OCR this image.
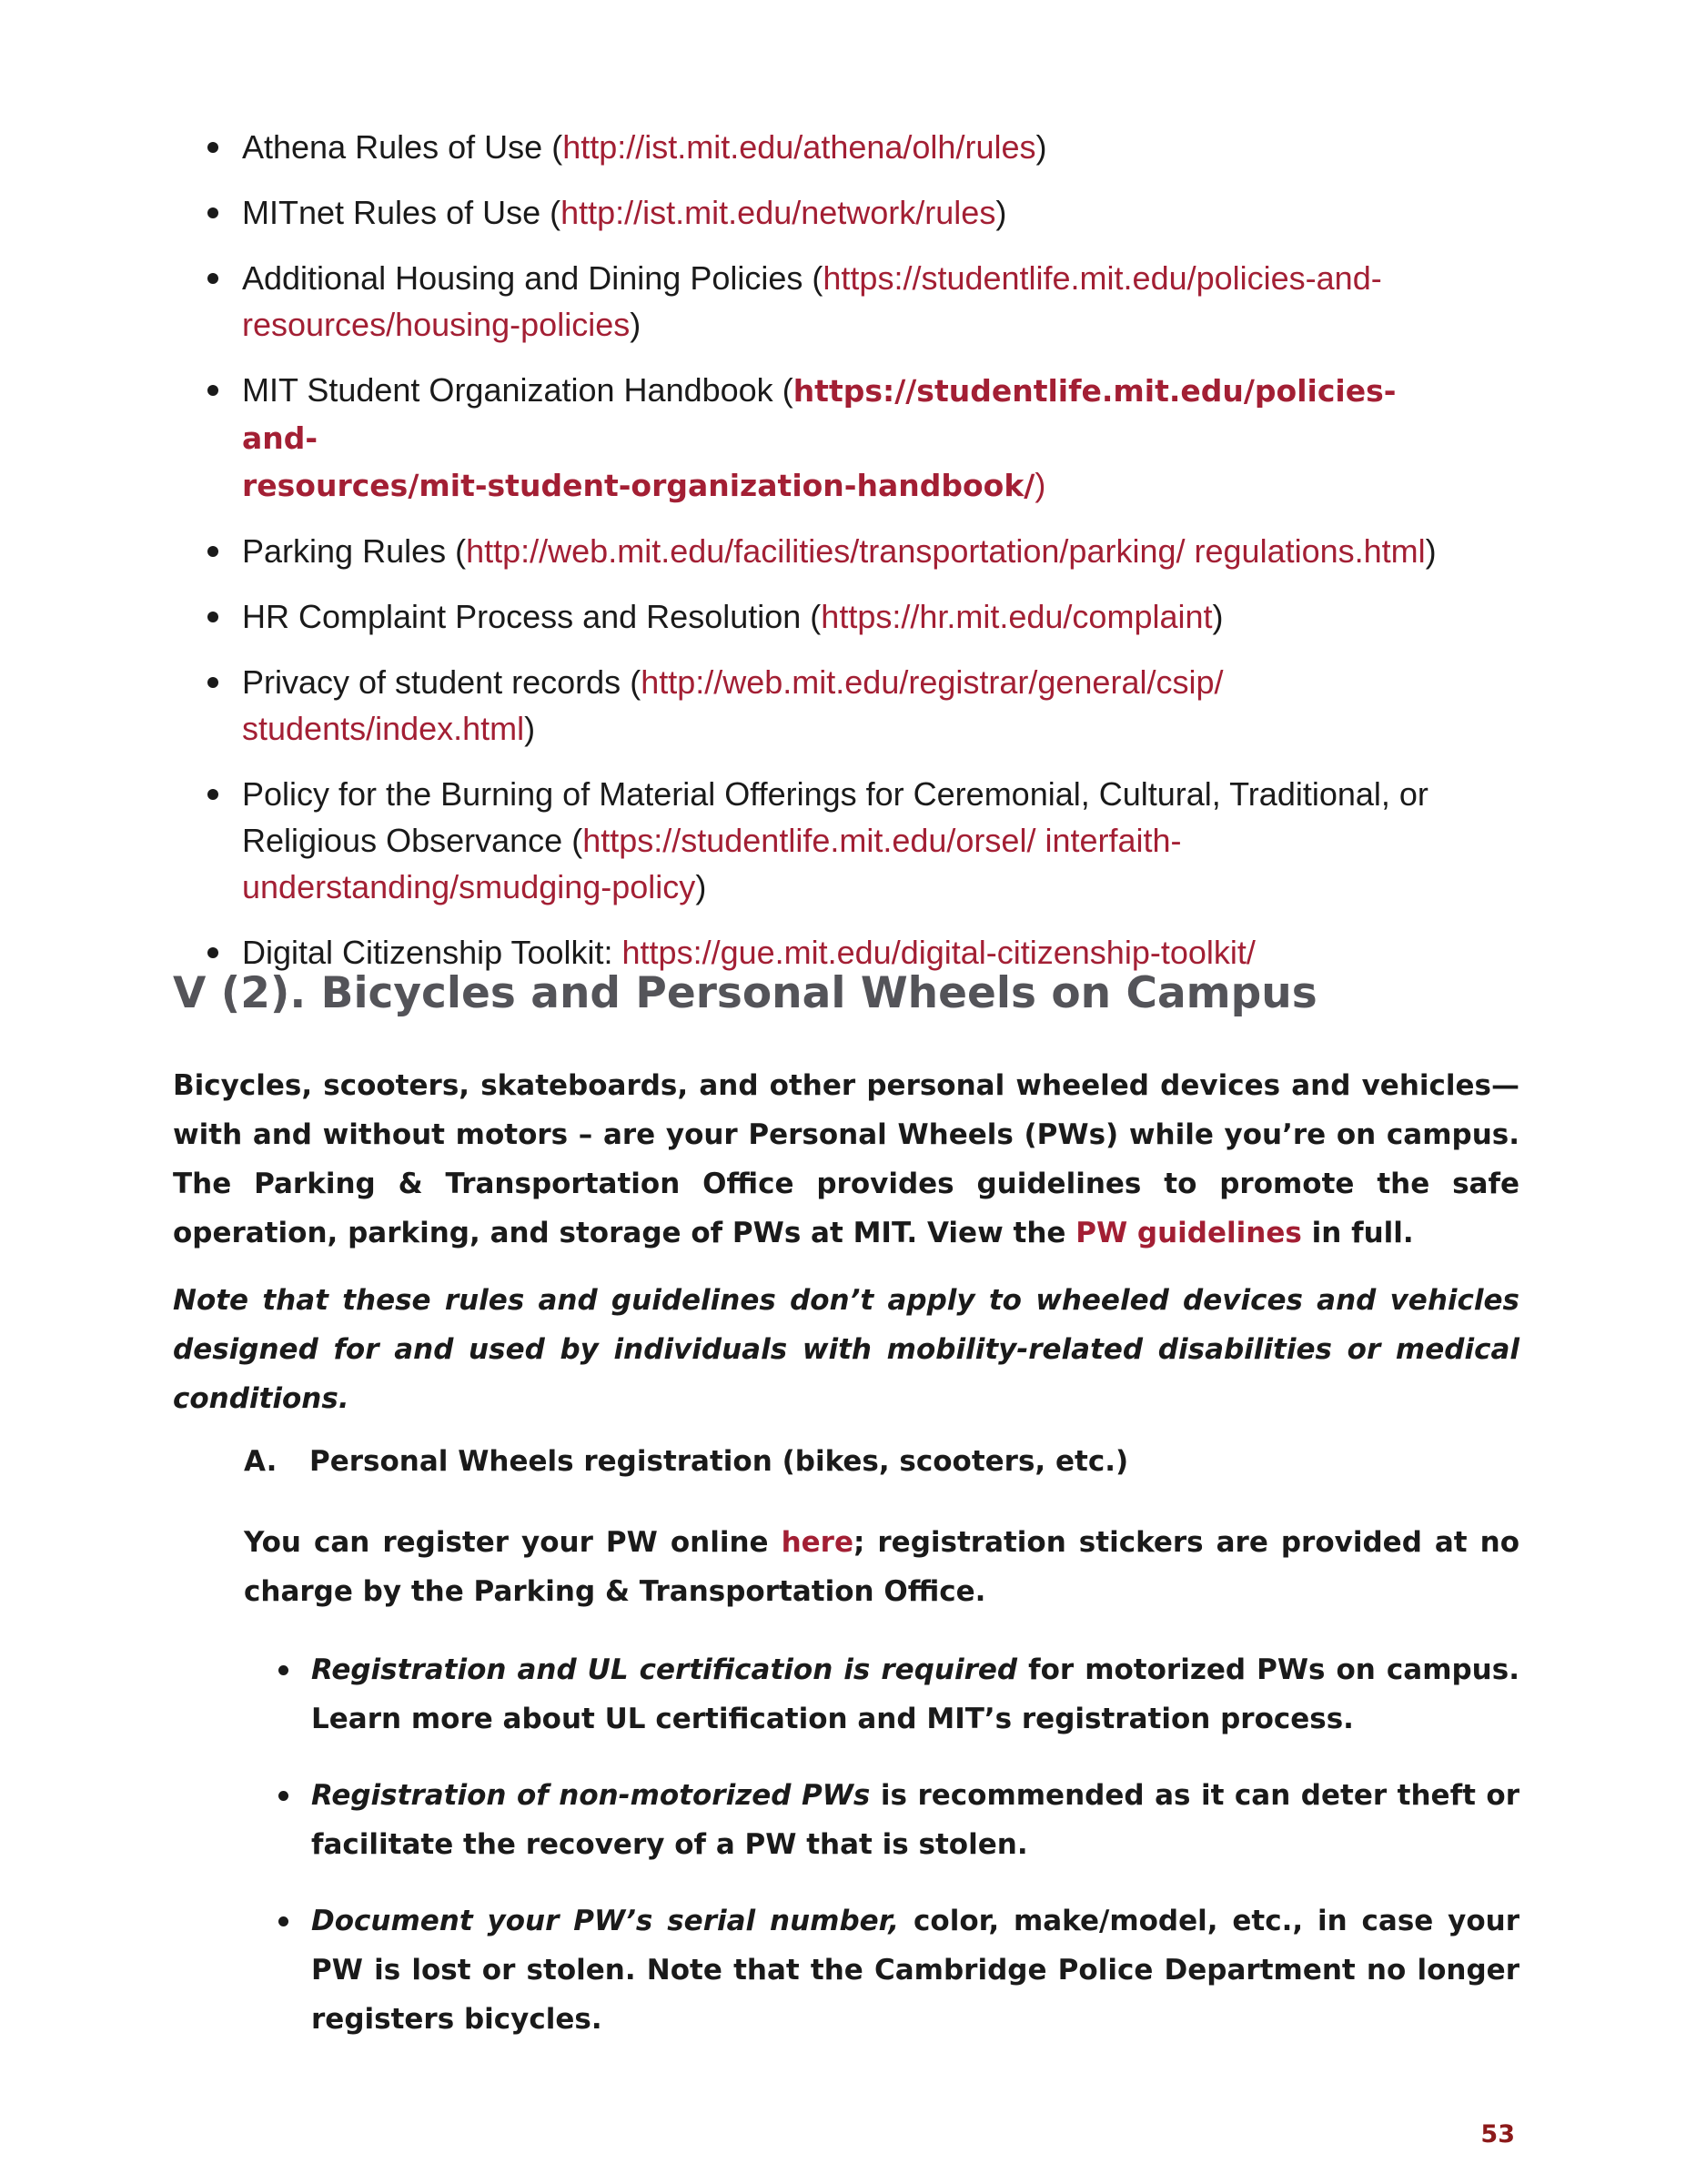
Athena Rules of Use (http://ist.mit.edu/athena/olh/rules)
MITnet Rules of Use (http://ist.mit.edu/network/rules)
Additional Housing and Dining Policies (https://studentlife.mit.edu/policies-and-
resources/housing-policies)
MIT Student Organization Handbook (https://studentlife.mit.edu/policies-and-
resources/mit-student-organization-handbook/)
Parking Rules (http://web.mit.edu/facilities/transportation/parking/ regulations.html)
HR Complaint Process and Resolution (https://hr.mit.edu/complaint)
Privacy of student records (http://web.mit.edu/registrar/general/csip/
students/index.html)
Policy for the Burning of Material Offerings for Ceremonial, Cultural, Traditional, or
Religious Observance (https://studentlife.mit.edu/orsel/ interfaith-
understanding/smudging-policy)
Digital Citizenship Toolkit: https://gue.mit.edu/digital-citizenship-toolkit/
V (2). Bicycles and Personal Wheels on Campus

Bicycles, scooters, skateboards, and other personal wheeled devices and vehicles— with and without motors – are your Personal Wheels (PWs) while you’re on campus. The Parking & Transportation Office provides guidelines to promote the safe operation, parking, and storage of PWs at MIT. View the PW guidelines in full.

Note that these rules and guidelines don’t apply to wheeled devices and vehicles designed for and used by individuals with mobility-related disabilities or medical conditions.

A. Personal Wheels registration (bikes, scooters, etc.)

You can register your PW online here; registration stickers are provided at no charge by the Parking & Transportation Office.

Registration and UL certification is required for motorized PWs on campus. Learn more about UL certification and MIT’s registration process.
Registration of non-motorized PWs is recommended as it can deter theft or facilitate the recovery of a PW that is stolen.
Document your PW’s serial number, color, make/model, etc., in case your PW is lost or stolen. Note that the Cambridge Police Department no longer registers bicycles.
53
